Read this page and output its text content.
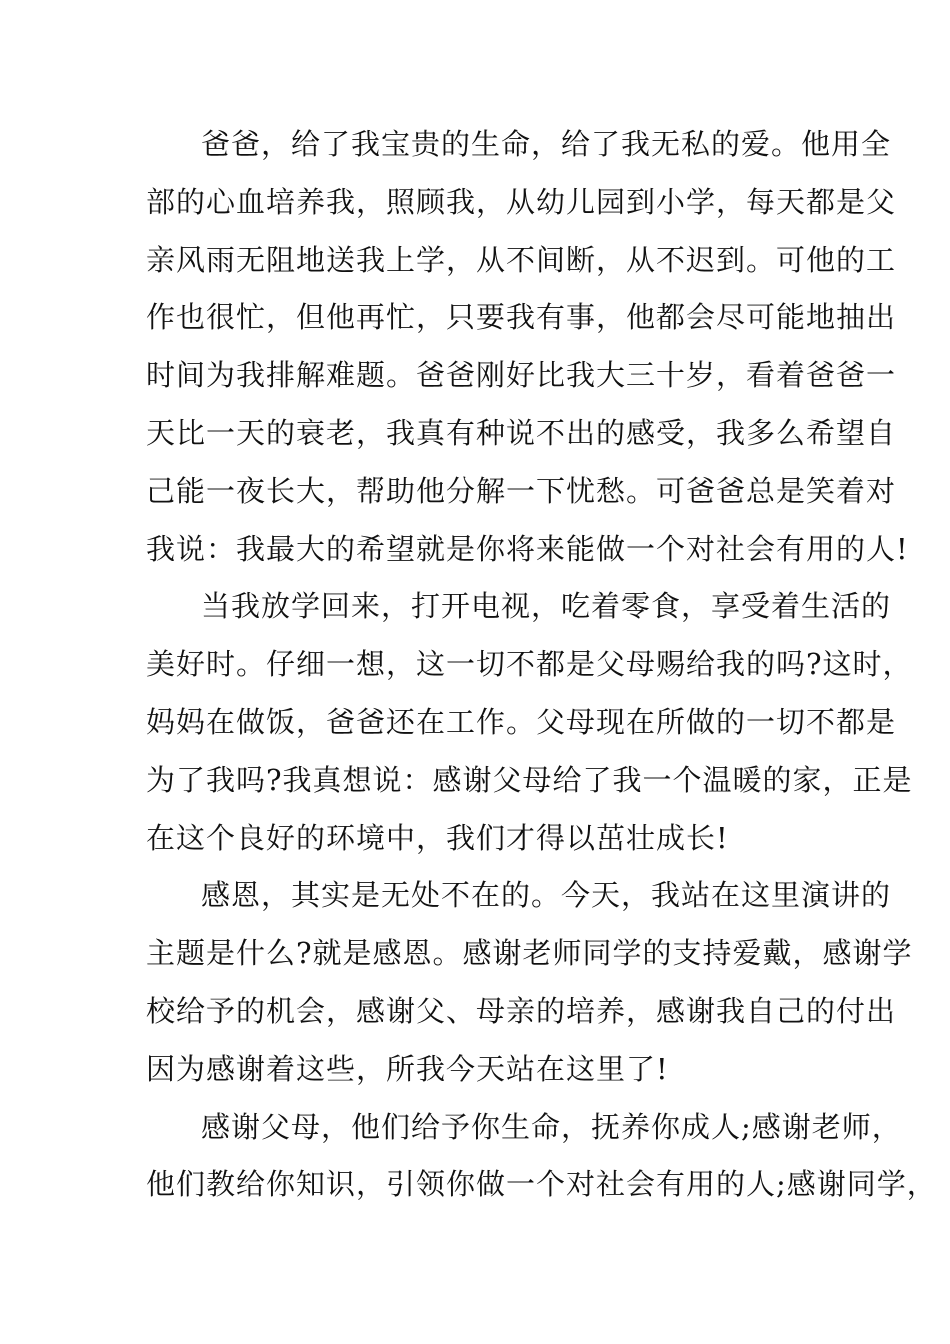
爸爸，给了我宝贵的生命，给了我无私的爱。他用全
部的心血培养我，照顾我，从幼儿园到小学，每天都是父
亲风雨无阻地送我上学，从不间断，从不迟到。可他的工
作也很忙，但他再忙，只要我有事，他都会尽可能地抽出
时间为我排解难题。爸爸刚好比我大三十岁，看着爸爸一
天比一天的衰老，我真有种说不出的感受，我多么希望自
己能一夜长大，帮助他分解一下忧愁。可爸爸总是笑着对
我说：我最大的希望就是你将来能做一个对社会有用的人!
当我放学回来，打开电视，吃着零食，享受着生活的
美好时。仔细一想，这一切不都是父母赐给我的吗?这时，
妈妈在做饭，爸爸还在工作。父母现在所做的一切不都是
为了我吗?我真想说：感谢父母给了我一个温暖的家，正是
在这个良好的环境中，我们才得以茁壮成长!
感恩，其实是无处不在的。今天，我站在这里演讲的
主题是什么?就是感恩。感谢老师同学的支持爱戴，感谢学
校给予的机会，感谢父、母亲的培养，感谢我自己的付出
因为感谢着这些，所我今天站在这里了!
感谢父母，他们给予你生命，抚养你成人;感谢老师，
他们教给你知识，引领你做一个对社会有用的人;感谢同学，
